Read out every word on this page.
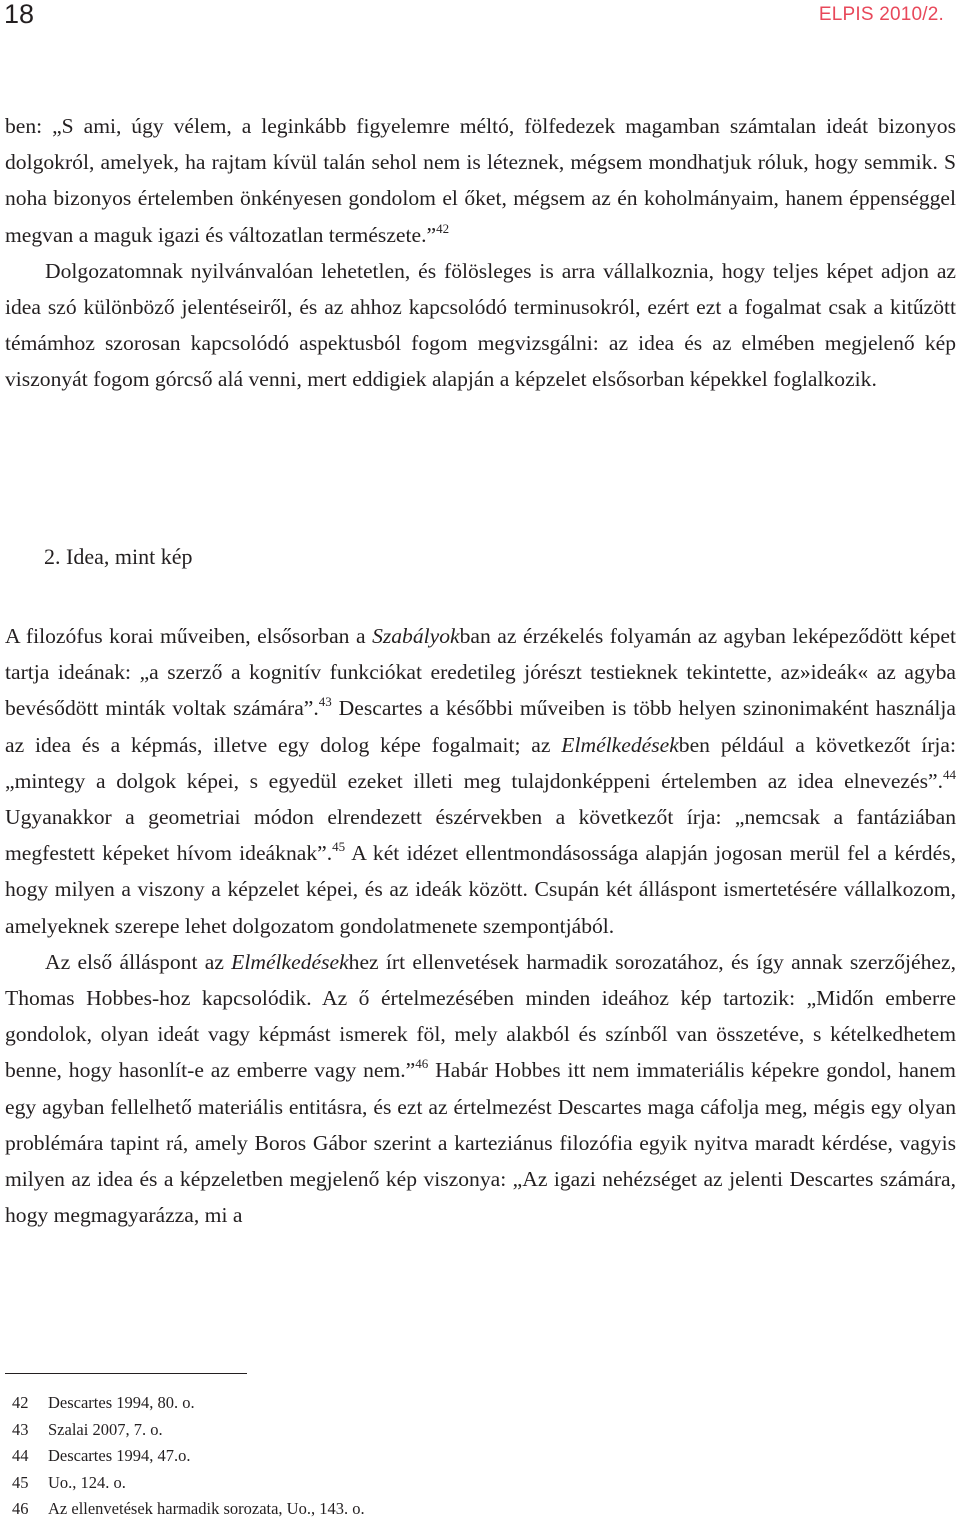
18	ELPIS 2010/2.

ben: „S ami, úgy vélem, a leginkább figyelemre méltó, fölfedezek magamban számtalan ideát bizonyos dolgokról, amelyek, ha rajtam kívül talán sehol nem is léteznek, mégsem mondhatjuk róluk, hogy semmik. S noha bizonyos értelemben önkényesen gondolom el őket, mégsem az én koholmányaim, hanem éppenséggel megvan a maguk igazi és változatlan természete.”$^{42}$

Dolgozatomnak nyilvánvalóan lehetetlen, és fölösleges is arra vállalkoznia, hogy teljes képet adjon az idea szó különböző jelentéseiről, és az ahhoz kapcsolódó terminusokról, ezért ezt a fogalmat csak a kitűzött témámhoz szorosan kapcsolódó aspektusból fogom megvizsgálni: az idea és az elmében megjelenő kép viszonyát fogom górcső alá venni, mert eddigiek alapján a képzelet elsősorban képekkel foglalkozik.

2. Idea, mint kép

A filozófus korai műveiben, elsősorban a Szabályokban az érzékelés folyamán az agyban leképeződött képet tartja ideának: „a szerző a kognitív funkciókat eredetileg jórészt testieknek tekintette, az»ideák« az agyba bevésődött minták voltak számára”.$^{43}$ Descartes a későbbi műveiben is több helyen szinonimaként használja az idea és a képmás, illetve egy dolog képe fogalmait; az Elmélkedésekben például a következőt írja: „mintegy a dolgok képei, s egyedül ezeket illeti meg tulajdonképpeni értelemben az idea elnevezés”.$^{44}$ Ugyanakkor a geometriai módon elrendezett észérvekben a következőt írja: „nemcsak a fantáziában megfestett képeket hívom ideáknak”.$^{45}$ A két idézet ellentmondásossága alapján jogosan merül fel a kérdés, hogy milyen a viszony a képzelet képei, és az ideák között. Csupán két álláspont ismertetésére vállalkozom, amelyeknek szerepe lehet dolgozatom gondolatmenete szempontjából.

Az első álláspont az Elmélkedésekhez írt ellenvetések harmadik sorozatához, és így annak szerzőjéhez, Thomas Hobbes-hoz kapcsolódik. Az ő értelmezésében minden ideához kép tartozik: „Midőn emberre gondolok, olyan ideát vagy képmást ismerek föl, mely alakból és színből van összetéve, s kételkedhetem benne, hogy hasonlít-e az emberre vagy nem.”$^{46}$ Habár Hobbes itt nem immateriális képekre gondol, hanem egy agyban fellelhető materiális entitásra, és ezt az értelmezést Descartes maga cáfolja meg, mégis egy olyan problémára tapint rá, amely Boros Gábor szerint a karteziánus filozófia egyik nyitva maradt kérdése, vagyis milyen az idea és a képzeletben megjelenő kép viszonya: „Az igazi nehézséget az jelenti Descartes számára, hogy megmagyarázza, mi a

42 Descartes 1994, 80. o.
43 Szalai 2007, 7. o.
44 Descartes 1994, 47.o.
45 Uo., 124. o.
46 Az ellenvetések harmadik sorozata, Uo., 143. o.
